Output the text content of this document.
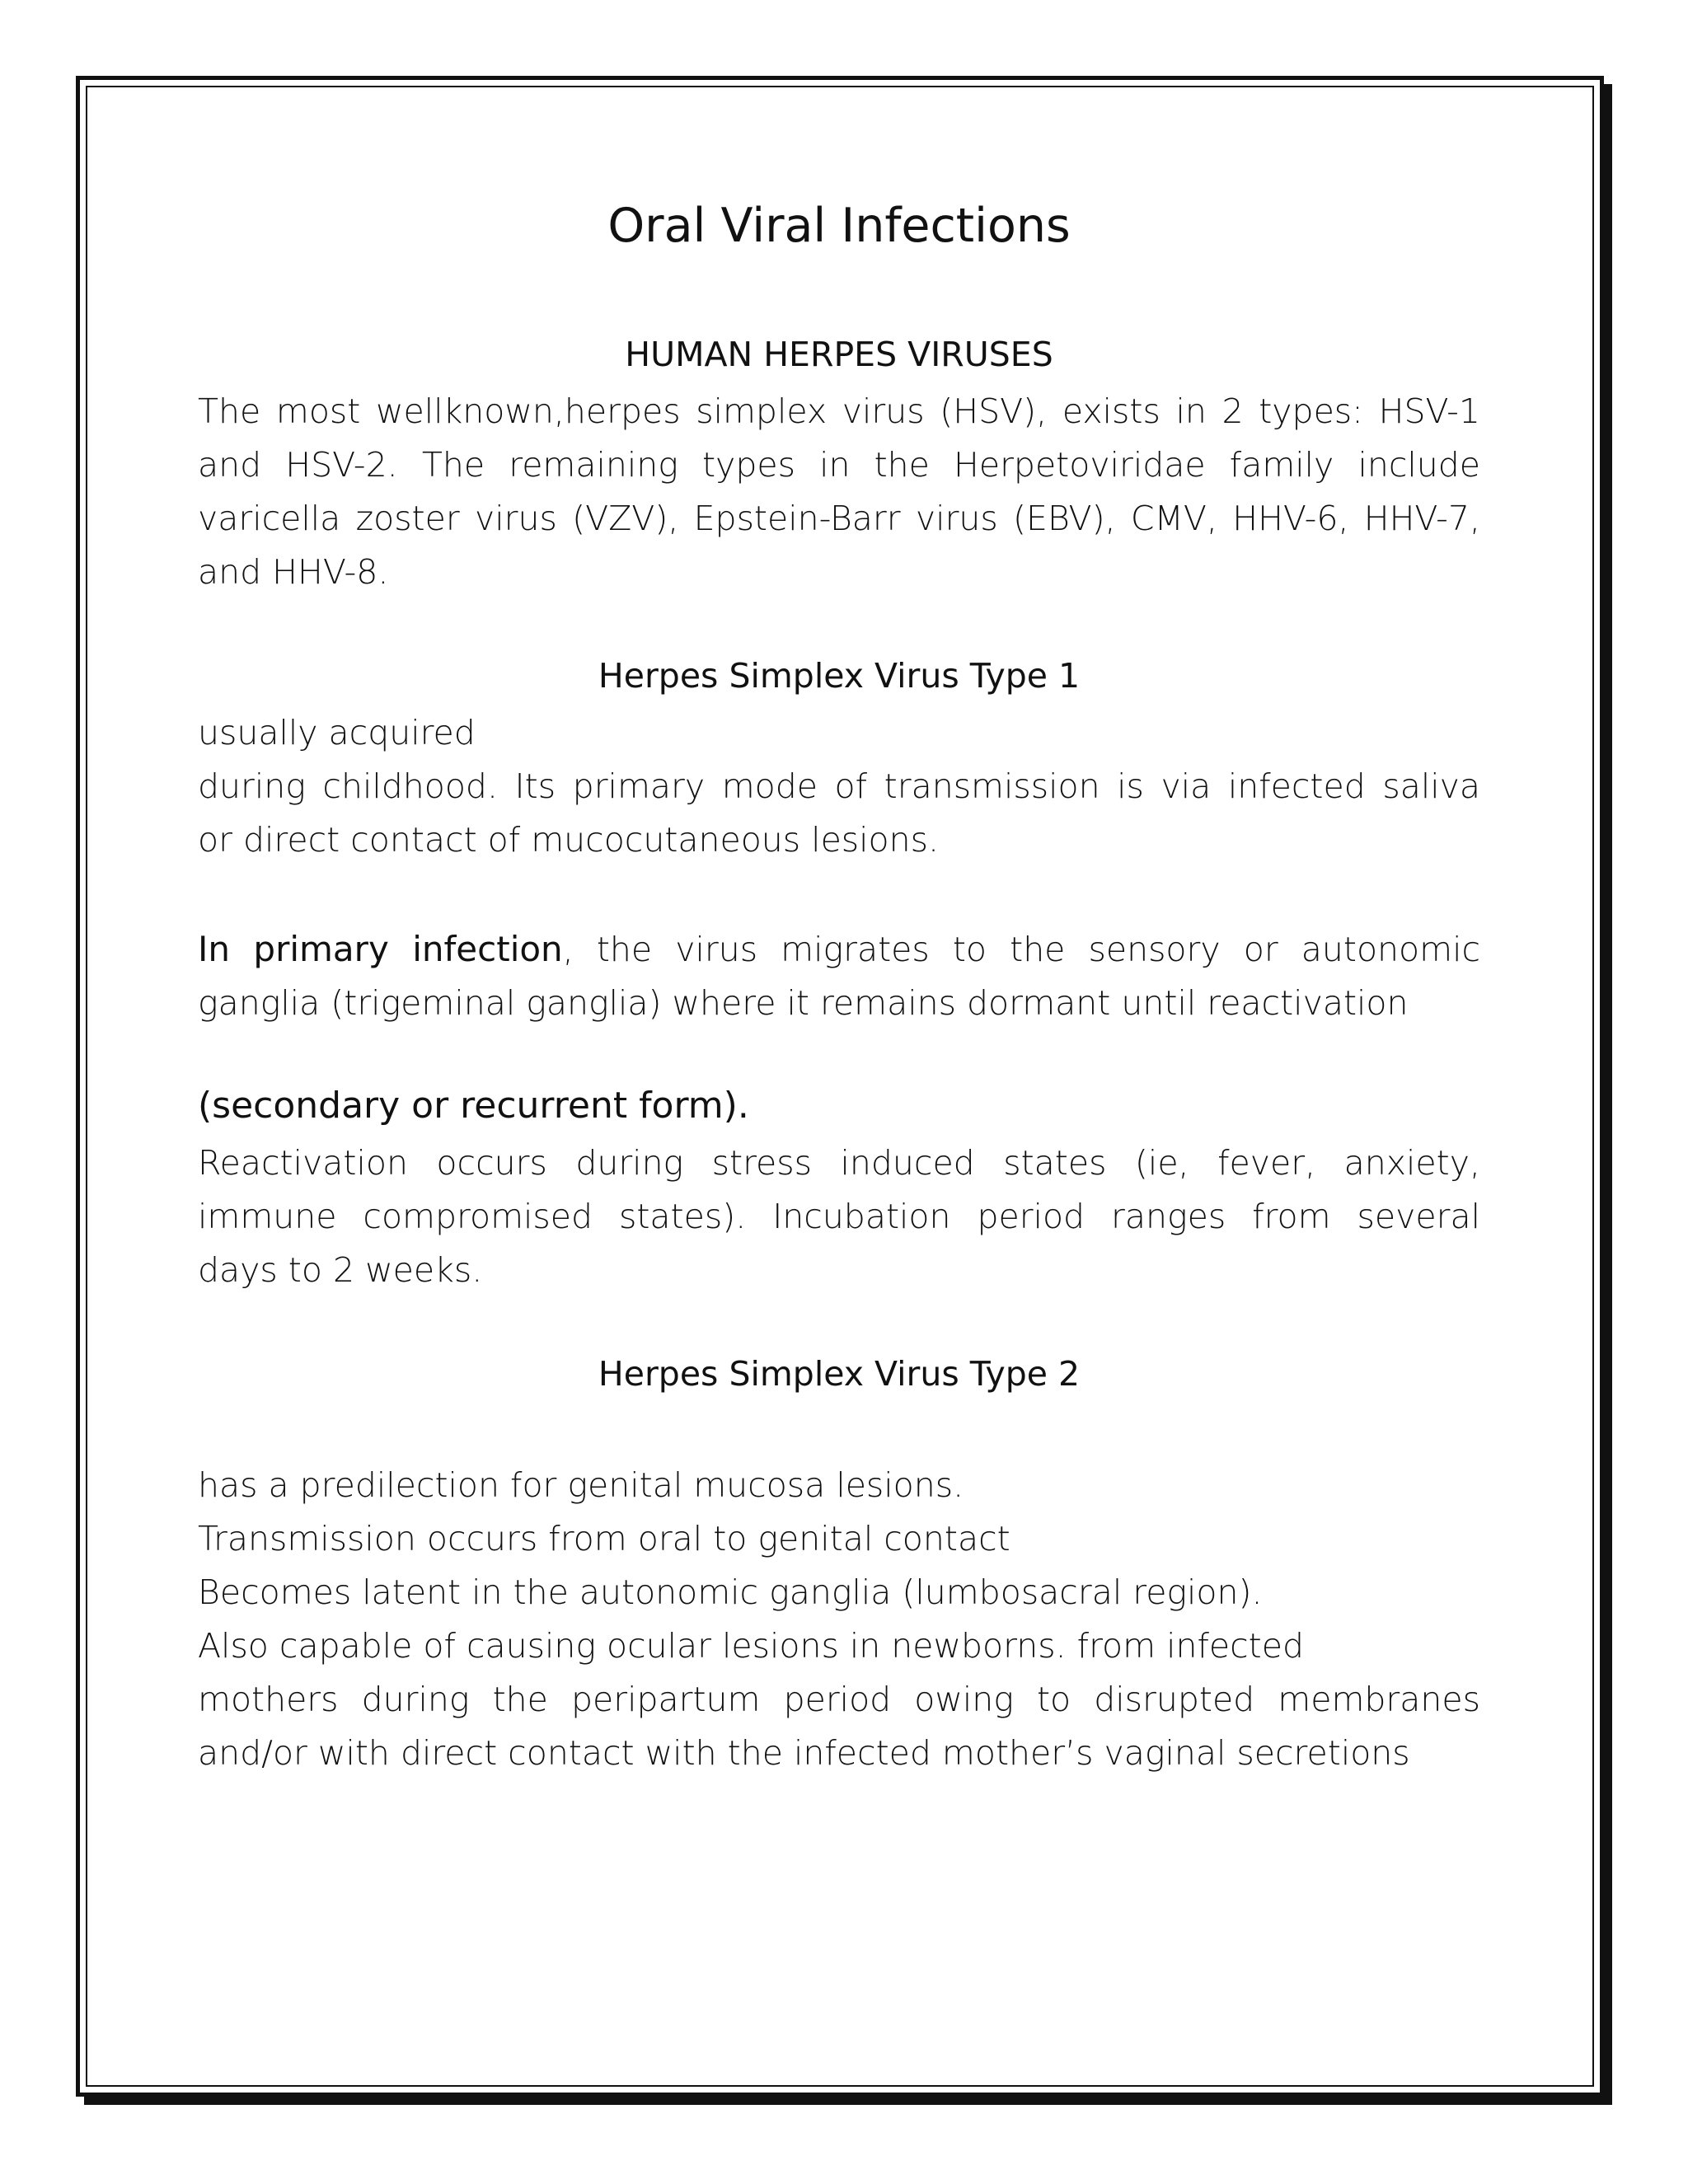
Oral Viral Infections
HUMAN HERPES VIRUSES
The most wellknown,herpes simplex virus (HSV), exists in 2 types: HSV-1
and HSV-2. The remaining types in the Herpetoviridae family include
varicella zoster virus (VZV), Epstein-Barr virus (EBV), CMV, HHV-6, HHV-7,
and HHV-8.
Herpes Simplex Virus Type 1
usually acquired
during childhood. Its primary mode of transmission is via infected saliva
or direct contact of mucocutaneous lesions.
In primary infection, the virus migrates to the sensory or autonomic
ganglia (trigeminal ganglia) where it remains dormant until reactivation
(secondary or recurrent form).
Reactivation occurs during stress induced states (ie, fever, anxiety,
immune compromised states). Incubation period ranges from several
days to 2 weeks.
Herpes Simplex Virus Type 2
has a predilection for genital mucosa lesions.
Transmission occurs from oral to genital contact
Becomes latent in the autonomic ganglia (lumbosacral region).
Also capable of causing ocular lesions in newborns. from infected
mothers during the peripartum period owing to disrupted membranes
and/or with direct contact with the infected mother’s vaginal secretions
